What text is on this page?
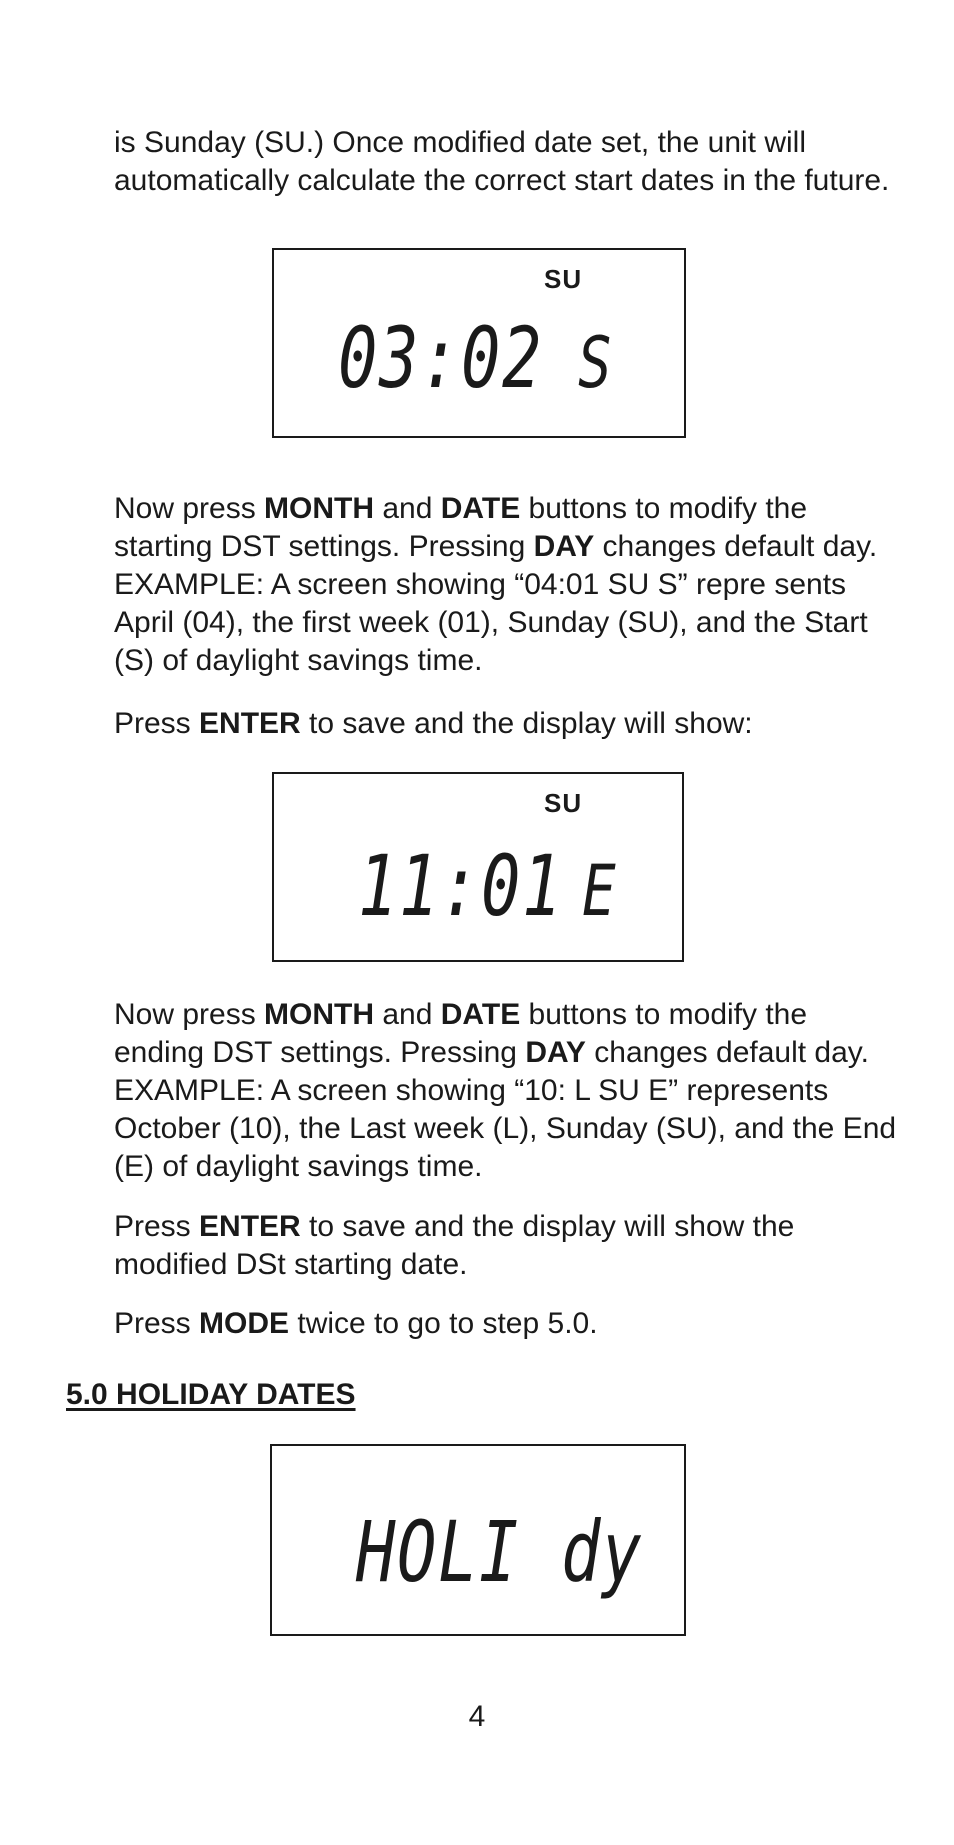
is Sunday (SU.) Once modified date set, the unit will automatically calculate the correct start dates in the future.

SU
03:02 S

Now press MONTH and DATE buttons to modify the starting DST settings. Pressing DAY changes default day. EXAMPLE: A screen showing “04:01 SU S” repre sents April (04), the first week (01), Sunday (SU), and the Start (S) of daylight savings time.

Press ENTER to save and the display will show:

SU
11:01 E

Now press MONTH and DATE buttons to modify the ending DST settings. Pressing DAY changes default day. EXAMPLE: A screen showing “10: L SU E” represents October (10), the Last week (L), Sunday (SU), and the End (E) of daylight savings time.

Press ENTER to save and the display will show the modified DSt starting date.

Press MODE twice to go to step 5.0.

5.0 HOLIDAY DATES
HOLI dy
4
